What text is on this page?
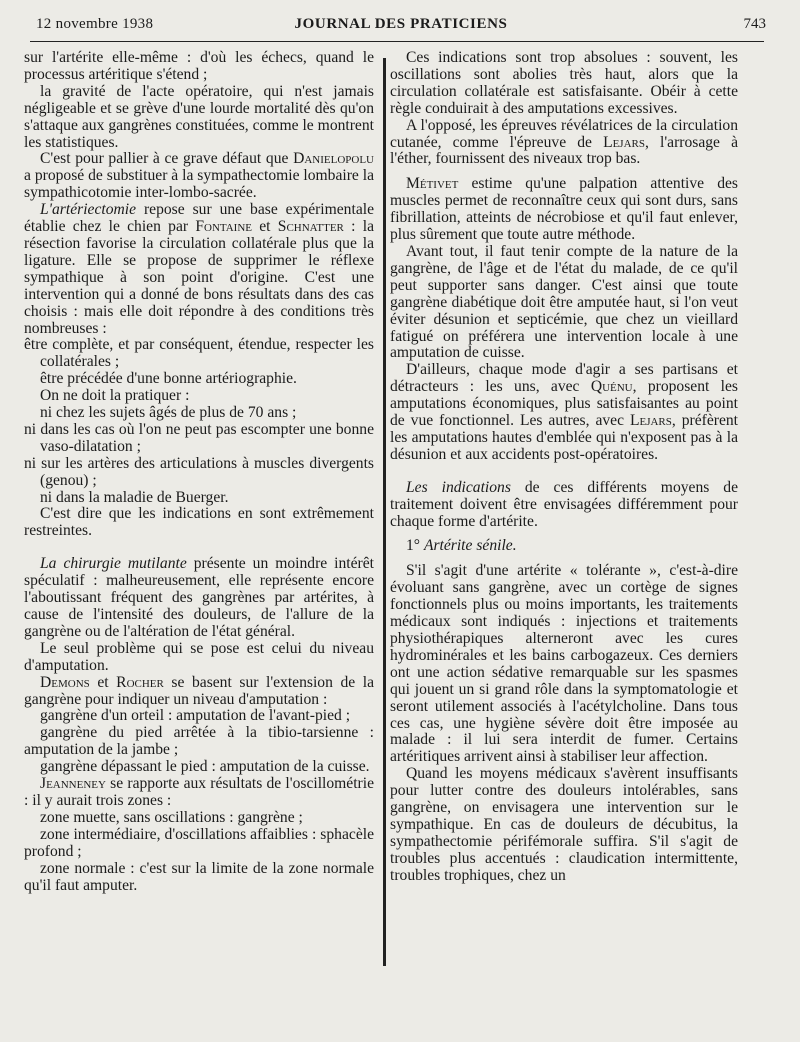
12 novembre 1938	JOURNAL DES PRATICIENS	743

sur l'artérite elle-même : d'où les échecs, quand le processus artéritique s'étend ;

la gravité de l'acte opératoire, qui n'est jamais négligeable et se grève d'une lourde mortalité dès qu'on s'attaque aux gangrènes constituées, comme le montrent les statistiques.

C'est pour pallier à ce grave défaut que Danielopolu a proposé de substituer à la sympathectomie lombaire la sympathicotomie inter-lombo-sacrée.

L'artériectomie repose sur une base expérimentale établie chez le chien par Fontaine et Schnatter : la résection favorise la circulation collatérale plus que la ligature. Elle se propose de supprimer le réflexe sympathique à son point d'origine. C'est une intervention qui a donné de bons résultats dans des cas choisis : mais elle doit répondre à des conditions très nombreuses :

être complète, et par conséquent, étendue, respecter les collatérales ;

être précédée d'une bonne artériographie.

On ne doit la pratiquer :

ni chez les sujets âgés de plus de 70 ans ;

ni dans les cas où l'on ne peut pas escompter une bonne vaso-dilatation ;

ni sur les artères des articulations à muscles divergents (genou) ;

ni dans la maladie de Buerger.

C'est dire que les indications en sont extrêmement restreintes.

La chirurgie mutilante présente un moindre intérêt spéculatif : malheureusement, elle représente encore l'aboutissant fréquent des gangrènes par artérites, à cause de l'intensité des douleurs, de l'allure de la gangrène ou de l'altération de l'état général.

Le seul problème qui se pose est celui du niveau d'amputation.

Demons et Rocher se basent sur l'extension de la gangrène pour indiquer un niveau d'amputation :

gangrène d'un orteil : amputation de l'avant-pied ;

gangrène du pied arrêtée à la tibio-tarsienne : amputation de la jambe ;

gangrène dépassant le pied : amputation de la cuisse.

Jeanneney se rapporte aux résultats de l'oscillométrie : il y aurait trois zones :

zone muette, sans oscillations : gangrène ;

zone intermédiaire, d'oscillations affaiblies : sphacèle profond ;

zone normale : c'est sur la limite de la zone normale qu'il faut amputer.

Ces indications sont trop absolues : souvent, les oscillations sont abolies très haut, alors que la circulation collatérale est satisfaisante. Obéir à cette règle conduirait à des amputations excessives.

A l'opposé, les épreuves révélatrices de la circulation cutanée, comme l'épreuve de Lejars, l'arrosage à l'éther, fournissent des niveaux trop bas.

Métivet estime qu'une palpation attentive des muscles permet de reconnaître ceux qui sont durs, sans fibrillation, atteints de nécrobiose et qu'il faut enlever, plus sûrement que toute autre méthode.

Avant tout, il faut tenir compte de la nature de la gangrène, de l'âge et de l'état du malade, de ce qu'il peut supporter sans danger. C'est ainsi que toute gangrène diabétique doit être amputée haut, si l'on veut éviter désunion et septicémie, que chez un vieillard fatigué on préférera une intervention locale à une amputation de cuisse.

D'ailleurs, chaque mode d'agir a ses partisans et détracteurs : les uns, avec Quénu, proposent les amputations économiques, plus satisfaisantes au point de vue fonctionnel. Les autres, avec Lejars, préfèrent les amputations hautes d'emblée qui n'exposent pas à la désunion et aux accidents post-opératoires.

Les indications de ces différents moyens de traitement doivent être envisagées différemment pour chaque forme d'artérite.

1° Artérite sénile.

S'il s'agit d'une artérite « tolérante », c'est-à-dire évoluant sans gangrène, avec un cortège de signes fonctionnels plus ou moins importants, les traitements médicaux sont indiqués : injections et traitements physiothérapiques alterneront avec les cures hydrominérales et les bains carbogazeux. Ces derniers ont une action sédative remarquable sur les spasmes qui jouent un si grand rôle dans la symptomatologie et seront utilement associés à l'acétylcholine. Dans tous ces cas, une hygiène sévère doit être imposée au malade : il lui sera interdit de fumer. Certains artéritiques arrivent ainsi à stabiliser leur affection.

Quand les moyens médicaux s'avèrent insuffisants pour lutter contre des douleurs intolérables, sans gangrène, on envisagera une intervention sur le sympathique. En cas de douleurs de décubitus, la sympathectomie périfémorale suffira. S'il s'agit de troubles plus accentués : claudication intermittente, troubles trophiques, chez un
